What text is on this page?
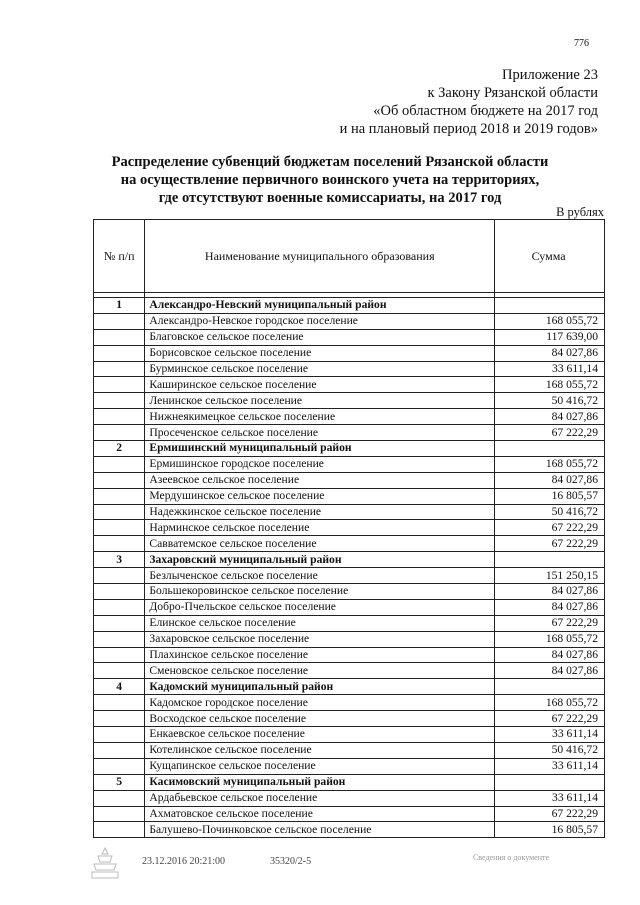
776
Приложение 23
к Закону Рязанской области
«Об областном бюджете на 2017 год
и на плановый период 2018 и 2019 годов»
Распределение субвенций бюджетам поселений Рязанской области
на осуществление первичного воинского учета на территориях,
где отсутствуют военные комиссариаты, на 2017 год
В рублях
№ п/п	Наименование муниципального образования	Сумма

1	Александро-Невский муниципальный район	
	Александро-Невское городское поселение	168 055,72
	Благовское сельское поселение	117 639,00
	Борисовское сельское поселение	84 027,86
	Бурминское сельское поселение	33 611,14
	Каширинское сельское поселение	168 055,72
	Ленинское сельское поселение	50 416,72
	Нижнеякимецкое сельское поселение	84 027,86
	Просеченское сельское поселение	67 222,29
2	Ермишинский муниципальный район	
	Ермишинское городское поселение	168 055,72
	Азеевское сельское поселение	84 027,86
	Мердушинское сельское поселение	16 805,57
	Надежкинское сельское поселение	50 416,72
	Нарминское сельское поселение	67 222,29
	Савватемское сельское поселение	67 222,29
3	Захаровский муниципальный район	
	Безлыченское сельское поселение	151 250,15
	Большекоровинское сельское поселение	84 027,86
	Добро-Пчельское сельское поселение	84 027,86
	Елинское сельское поселение	67 222,29
	Захаровское сельское поселение	168 055,72
	Плахинское сельское поселение	84 027,86
	Сменовское сельское поселение	84 027,86
4	Кадомский муниципальный район	
	Кадомское городское поселение	168 055,72
	Восходское сельское поселение	67 222,29
	Енкаевское сельское поселение	33 611,14
	Котелинское сельское поселение	50 416,72
	Кущапинское сельское поселение	33 611,14
5	Касимовский муниципальный район	
	Ардабьевское сельское поселение	33 611,14
	Ахматовское сельское поселение	67 222,29
	Балушево-Починковское сельское поселение	16 805,57
23.12.2016 20:21:00	35320/2-5	Сведения о документе
